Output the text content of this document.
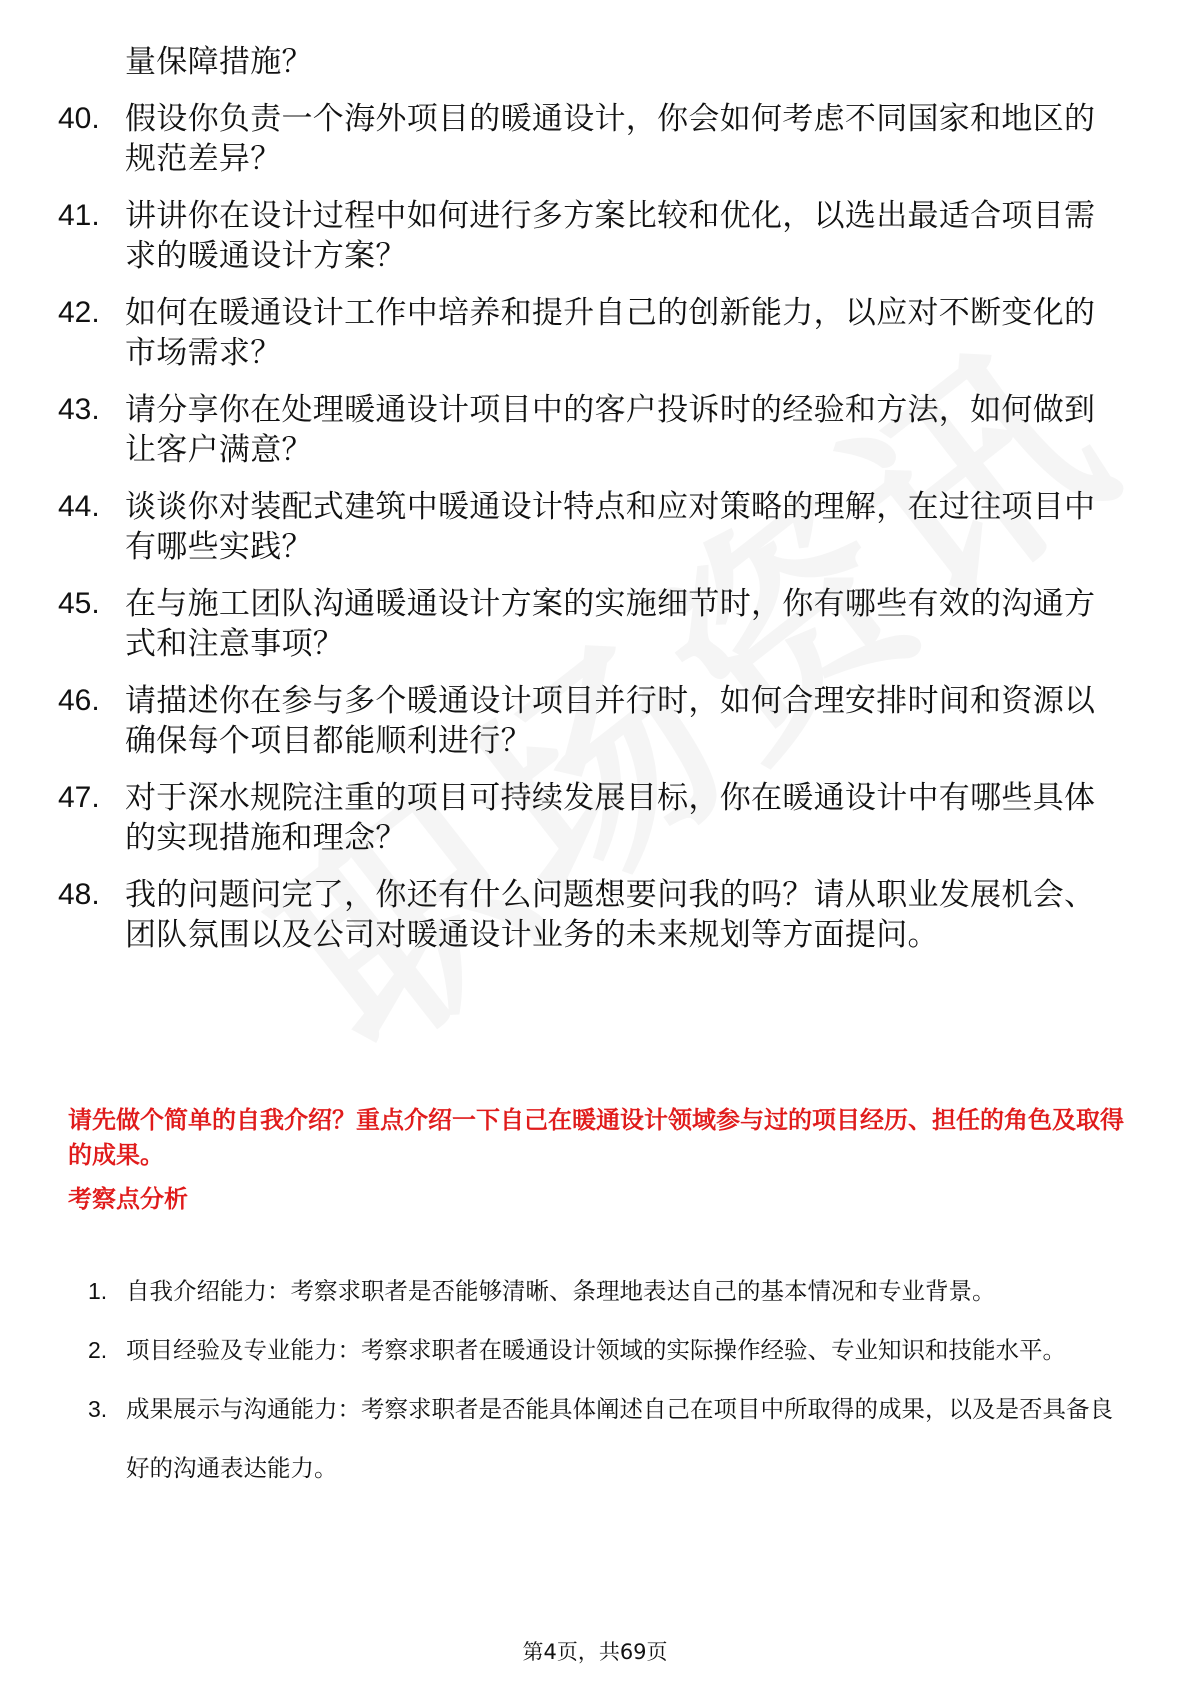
量保障措施？
40. 假设你负责一个海外项目的暖通设计，你会如何考虑不同国家和地区的规范差异？
41. 讲讲你在设计过程中如何进行多方案比较和优化，以选出最适合项目需求的暖通设计方案？
42. 如何在暖通设计工作中培养和提升自己的创新能力，以应对不断变化的市场需求？
43. 请分享你在处理暖通设计项目中的客户投诉时的经验和方法，如何做到让客户满意？
44. 谈谈你对装配式建筑中暖通设计特点和应对策略的理解，在过往项目中有哪些实践？
45. 在与施工团队沟通暖通设计方案的实施细节时，你有哪些有效的沟通方式和注意事项？
46. 请描述你在参与多个暖通设计项目并行时，如何合理安排时间和资源以确保每个项目都能顺利进行？
47. 对于深水规院注重的项目可持续发展目标，你在暖通设计中有哪些具体的实现措施和理念？
48. 我的问题问完了，你还有什么问题想要问我的吗？请从职业发展机会、团队氛围以及公司对暖通设计业务的未来规划等方面提问。
请先做个简单的自我介绍？重点介绍一下自己在暖通设计领域参与过的项目经历、担任的角色及取得的成果。
考察点分析
1. 自我介绍能力：考察求职者是否能够清晰、条理地表达自己的基本情况和专业背景。
2. 项目经验及专业能力：考察求职者在暖通设计领域的实际操作经验、专业知识和技能水平。
3. 成果展示与沟通能力：考察求职者是否能具体阐述自己在项目中所取得的成果，以及是否具备良好的沟通表达能力。
第4页，共69页
